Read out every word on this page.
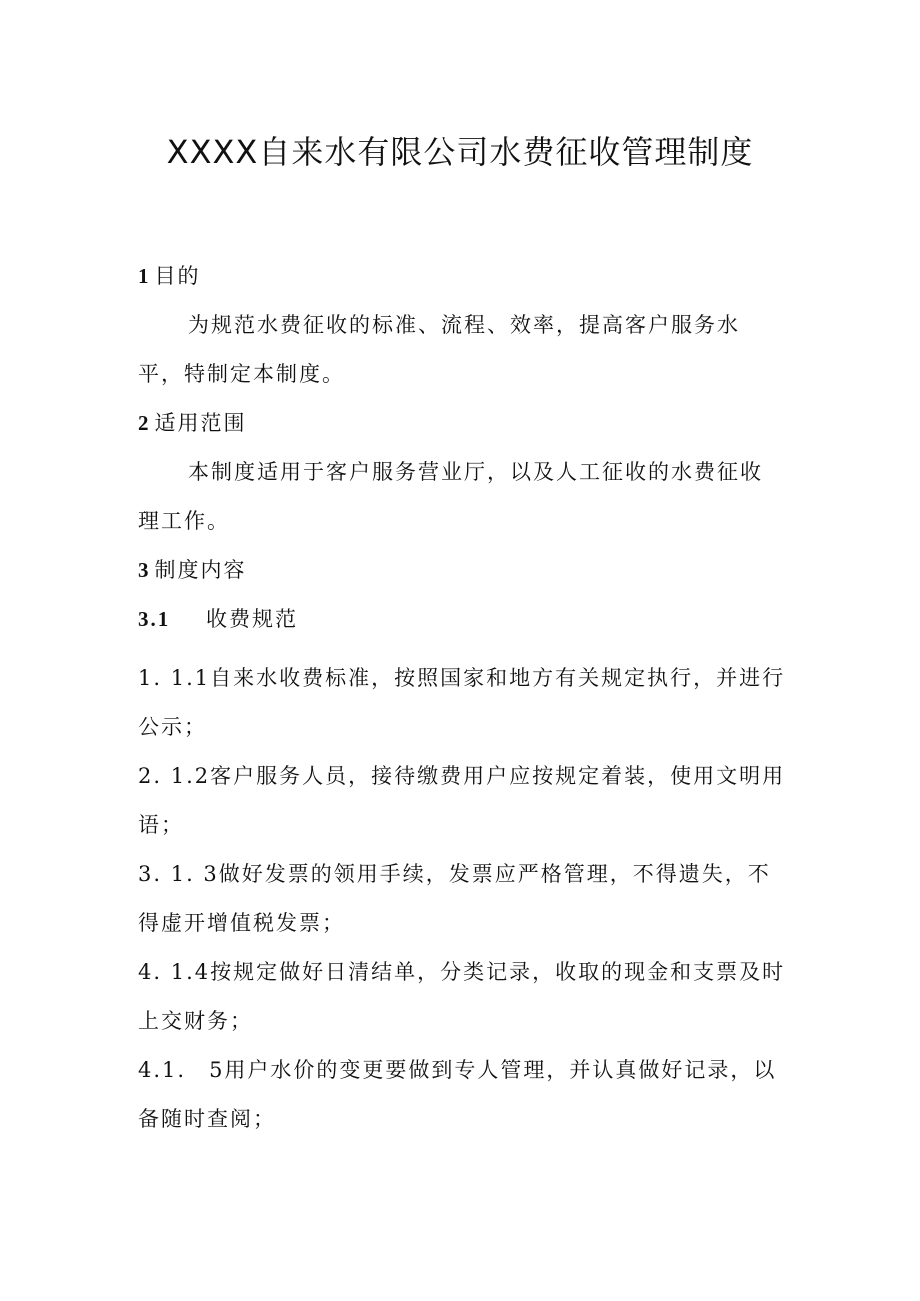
XXXX自来水有限公司水费征收管理制度
1 目的
为规范水费征收的标准、流程、效率，提高客户服务水
平，特制定本制度。
2 适用范围
本制度适用于客户服务营业厅，以及人工征收的水费征收
理工作。
3 制度内容
3.1 收费规范
1. 1.1自来水收费标准，按照国家和地方有关规定执行，并进行
公示；
2. 1.2客户服务人员，接待缴费用户应按规定着装，使用文明用
语；
3. 1. 3做好发票的领用手续，发票应严格管理，不得遗失，不
得虚开增值税发票；
4. 1.4按规定做好日清结单，分类记录，收取的现金和支票及时
上交财务；
4.1.　5用户水价的变更要做到专人管理，并认真做好记录，以
备随时查阅；
